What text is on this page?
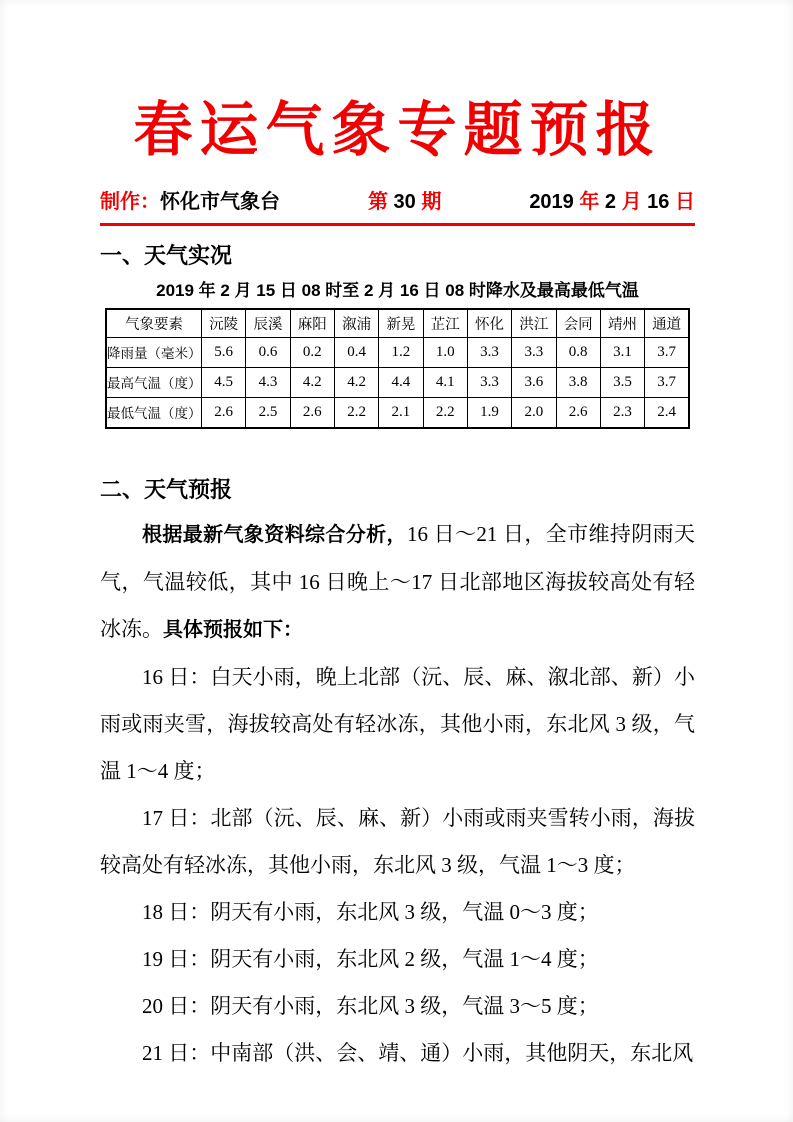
春运气象专题预报
制作：怀化市气象台	第 30 期	2019 年 2 月 16 日
一、天气实况
2019 年 2 月 15 日 08 时至 2 月 16 日 08 时降水及最高最低气温
气象要素	沅陵	辰溪	麻阳	溆浦	新晃	芷江	怀化	洪江	会同	靖州	通道
降雨量（毫米）	5.6	0.6	0.2	0.4	1.2	1.0	3.3	3.3	0.8	3.1	3.7
最高气温（度）	4.5	4.3	4.2	4.2	4.4	4.1	3.3	3.6	3.8	3.5	3.7
最低气温（度）	2.6	2.5	2.6	2.2	2.1	2.2	1.9	2.0	2.6	2.3	2.4
二、天气预报

根据最新气象资料综合分析，16 日～21 日，全市维持阴雨天气，气温较低，其中 16 日晚上～17 日北部地区海拔较高处有轻冰冻。具体预报如下：

16 日：白天小雨，晚上北部（沅、辰、麻、溆北部、新）小雨或雨夹雪，海拔较高处有轻冰冻，其他小雨，东北风 3 级，气温 1～4 度；

17 日：北部（沅、辰、麻、新）小雨或雨夹雪转小雨，海拔较高处有轻冰冻，其他小雨，东北风 3 级，气温 1～3 度；

18 日：阴天有小雨，东北风 3 级，气温 0～3 度；

19 日：阴天有小雨，东北风 2 级，气温 1～4 度；

20 日：阴天有小雨，东北风 3 级，气温 3～5 度；

21 日：中南部（洪、会、靖、通）小雨，其他阴天，东北风
